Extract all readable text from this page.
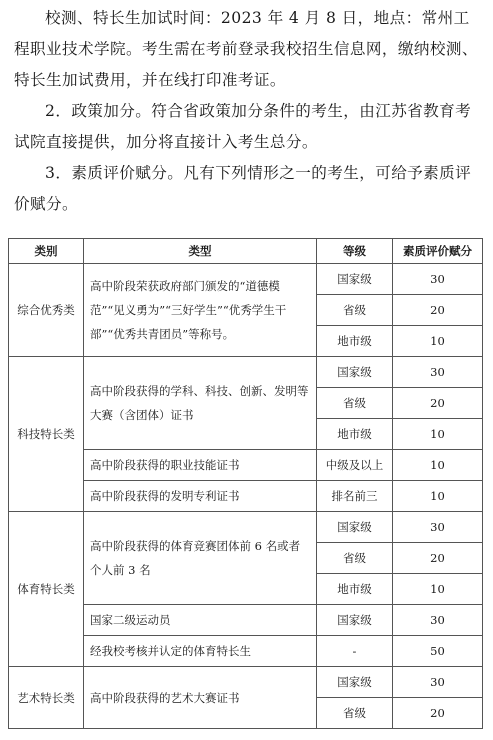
校测、特长生加试时间：2023 年 4 月 8 日，地点：常州工程职业技术学院。考生需在考前登录我校招生信息网，缴纳校测、特长生加试费用，并在线打印准考证。

2．政策加分。符合省政策加分条件的考生，由江苏省教育考试院直接提供，加分将直接计入考生总分。

3．素质评价赋分。凡有下列情形之一的考生，可给予素质评价赋分。

类别	类型	等级	素质评价赋分
综合优秀类	高中阶段荣获政府部门颁发的“道德模范”“见义勇为”“三好学生”“优秀学生干部”“优秀共青团员”等称号。	国家级	30
		省级	20
		地市级	10
科技特长类	高中阶段获得的学科、科技、创新、发明等大赛（含团体）证书	国家级	30
		省级	20
		地市级	10
	高中阶段获得的职业技能证书	中级及以上	10
	高中阶段获得的发明专利证书	排名前三	10
体育特长类	高中阶段获得的体育竞赛团体前 6 名或者个人前 3 名	国家级	30
		省级	20
		地市级	10
	国家二级运动员	国家级	30
	经我校考核并认定的体育特长生	-	50
艺术特长类	高中阶段获得的艺术大赛证书	国家级	30
		省级	20
